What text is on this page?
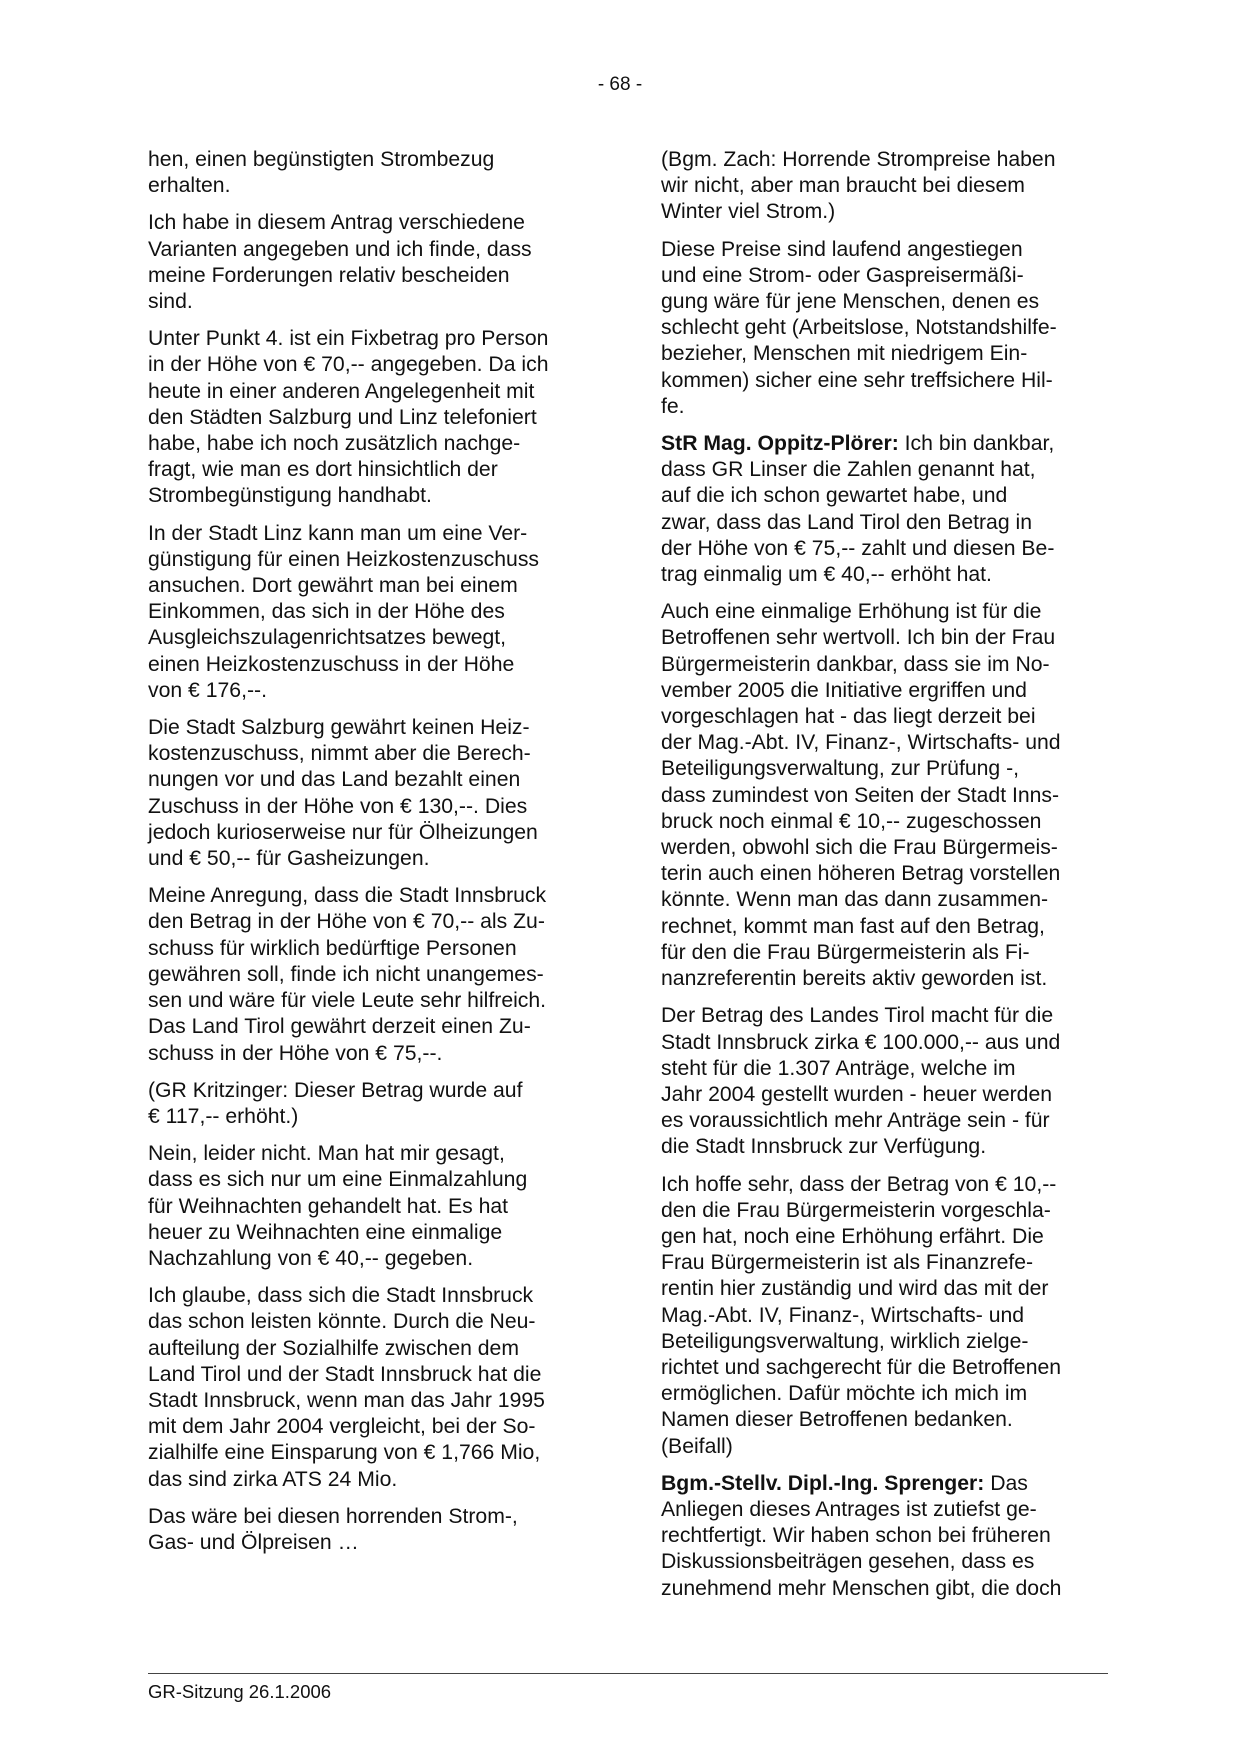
- 68 -

hen, einen begünstigten Strombezug
erhalten.

Ich habe in diesem Antrag verschiedene
Varianten angegeben und ich finde, dass
meine Forderungen relativ bescheiden
sind.

Unter Punkt 4. ist ein Fixbetrag pro Person
in der Höhe von € 70,-- angegeben. Da ich
heute in einer anderen Angelegenheit mit
den Städten Salzburg und Linz telefoniert
habe, habe ich noch zusätzlich nachge-
fragt, wie man es dort hinsichtlich der
Strombegünstigung handhabt.

In der Stadt Linz kann man um eine Ver-
günstigung für einen Heizkostenzuschuss
ansuchen. Dort gewährt man bei einem
Einkommen, das sich in der Höhe des
Ausgleichszulagenrichtsatzes bewegt,
einen Heizkostenzuschuss in der Höhe
von € 176,--.

Die Stadt Salzburg gewährt keinen Heiz-
kostenzuschuss, nimmt aber die Berech-
nungen vor und das Land bezahlt einen
Zuschuss in der Höhe von € 130,--. Dies
jedoch kurioserweise nur für Ölheizungen
und € 50,-- für Gasheizungen.

Meine Anregung, dass die Stadt Innsbruck
den Betrag in der Höhe von € 70,-- als Zu-
schuss für wirklich bedürftige Personen
gewähren soll, finde ich nicht unangemes-
sen und wäre für viele Leute sehr hilfreich.
Das Land Tirol gewährt derzeit einen Zu-
schuss in der Höhe von € 75,--.

(GR Kritzinger: Dieser Betrag wurde auf
€ 117,-- erhöht.)

Nein, leider nicht. Man hat mir gesagt,
dass es sich nur um eine Einmalzahlung
für Weihnachten gehandelt hat. Es hat
heuer zu Weihnachten eine einmalige
Nachzahlung von € 40,-- gegeben.

Ich glaube, dass sich die Stadt Innsbruck
das schon leisten könnte. Durch die Neu-
aufteilung der Sozialhilfe zwischen dem
Land Tirol und der Stadt Innsbruck hat die
Stadt Innsbruck, wenn man das Jahr 1995
mit dem Jahr 2004 vergleicht, bei der So-
zialhilfe eine Einsparung von € 1,766 Mio,
das sind zirka ATS 24 Mio.

Das wäre bei diesen horrenden Strom-,
Gas- und Ölpreisen …

(Bgm. Zach: Horrende Strompreise haben
wir nicht, aber man braucht bei diesem
Winter viel Strom.)

Diese Preise sind laufend angestiegen
und eine Strom- oder Gaspreisermäßi-
gung wäre für jene Menschen, denen es
schlecht geht (Arbeitslose, Notstandshilfe-
bezieher, Menschen mit niedrigem Ein-
kommen) sicher eine sehr treffsichere Hil-
fe.

StR Mag. Oppitz-Plörer: Ich bin dankbar,
dass GR Linser die Zahlen genannt hat,
auf die ich schon gewartet habe, und
zwar, dass das Land Tirol den Betrag in
der Höhe von € 75,-- zahlt und diesen Be-
trag einmalig um € 40,-- erhöht hat.

Auch eine einmalige Erhöhung ist für die
Betroffenen sehr wertvoll. Ich bin der Frau
Bürgermeisterin dankbar, dass sie im No-
vember 2005 die Initiative ergriffen und
vorgeschlagen hat - das liegt derzeit bei
der Mag.-Abt. IV, Finanz-, Wirtschafts- und
Beteiligungsverwaltung, zur Prüfung -,
dass zumindest von Seiten der Stadt Inns-
bruck noch einmal € 10,-- zugeschossen
werden, obwohl sich die Frau Bürgermeis-
terin auch einen höheren Betrag vorstellen
könnte. Wenn man das dann zusammen-
rechnet, kommt man fast auf den Betrag,
für den die Frau Bürgermeisterin als Fi-
nanzreferentin bereits aktiv geworden ist.

Der Betrag des Landes Tirol macht für die
Stadt Innsbruck zirka € 100.000,-- aus und
steht für die 1.307 Anträge, welche im
Jahr 2004 gestellt wurden - heuer werden
es voraussichtlich mehr Anträge sein - für
die Stadt Innsbruck zur Verfügung.

Ich hoffe sehr, dass der Betrag von € 10,--
den die Frau Bürgermeisterin vorgeschla-
gen hat, noch eine Erhöhung erfährt. Die
Frau Bürgermeisterin ist als Finanzrefe-
rentin hier zuständig und wird das mit der
Mag.-Abt. IV, Finanz-, Wirtschafts- und
Beteiligungsverwaltung, wirklich zielge-
richtet und sachgerecht für die Betroffenen
ermöglichen. Dafür möchte ich mich im
Namen dieser Betroffenen bedanken.
(Beifall)

Bgm.-Stellv. Dipl.-Ing. Sprenger: Das
Anliegen dieses Antrages ist zutiefst ge-
rechtfertigt. Wir haben schon bei früheren
Diskussionsbeiträgen gesehen, dass es
zunehmend mehr Menschen gibt, die doch

GR-Sitzung 26.1.2006
